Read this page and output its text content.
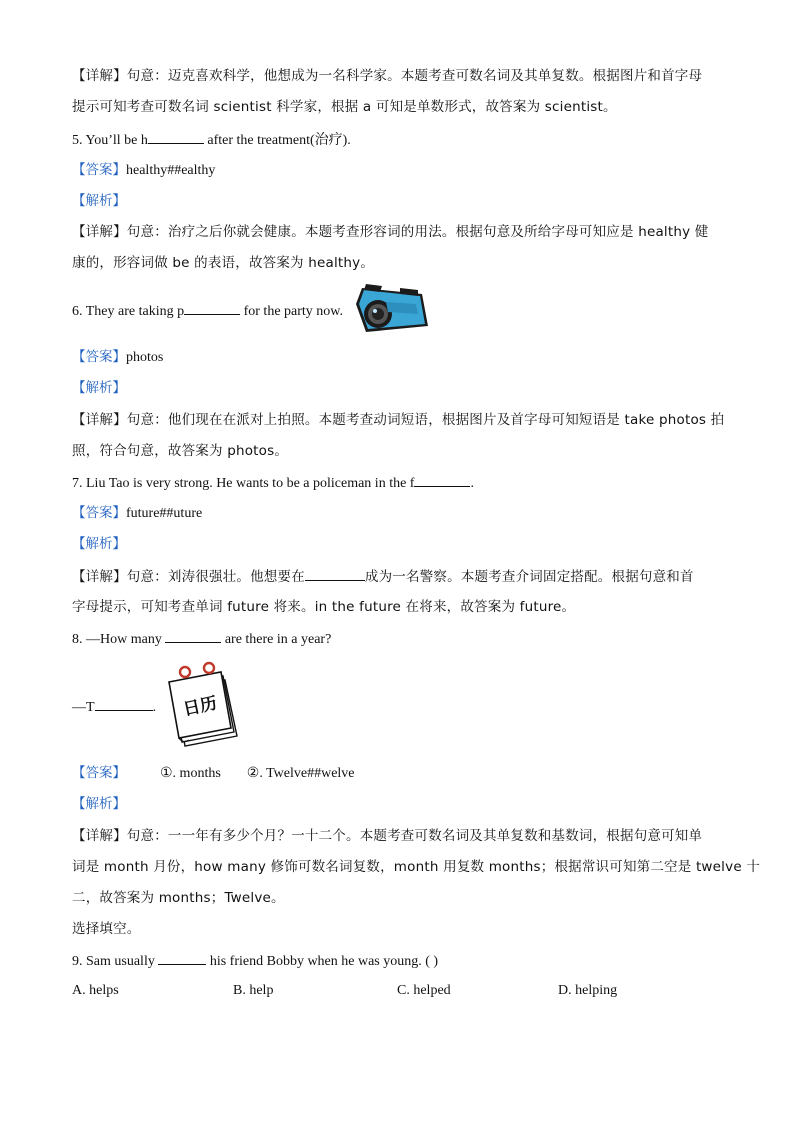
【详解】句意：迈克喜欢科学，他想成为一名科学家。本题考查可数名词及其单复数。根据图片和首字母
提示可知考查可数名词 scientist 科学家，根据 a 可知是单数形式，故答案为 scientist。
5. You’ll be h	after the treatment(治疗).
【答案】healthy##ealthy
【解析】
【详解】句意：治疗之后你就会健康。本题考查形容词的用法。根据句意及所给字母可知应是 healthy 健
康的，形容词做 be 的表语，故答案为 healthy。
6. They are taking p	for the party now.
【答案】photos
【解析】
【详解】句意：他们现在在派对上拍照。本题考查动词短语，根据图片及首字母可知短语是 take photos 拍
照，符合句意，故答案为 photos。
7. Liu Tao is very strong. He wants to be a policeman in the f	.
【答案】future##uture
【解析】
【详解】句意：刘涛很强壮。他想要在	成为一名警察。本题考查介词固定搭配。根据句意和首
字母提示，可知考查单词 future 将来。in the future 在将来，故答案为 future。
8. —How many	are there in a year?
—T	.	日历
【答案】 ①. months ②. Twelve##welve
【解析】
【详解】句意：一一年有多少个月？一十二个。本题考查可数名词及其单复数和基数词，根据句意可知单
词是 month 月份，how many 修饰可数名词复数，month 用复数 months；根据常识可知第二空是 twelve 十
二，故答案为 months；Twelve。
选择填空。
9. Sam usually	his friend Bobby when he was young. ( )
A. helps	B. help	C. helped	D. helping
